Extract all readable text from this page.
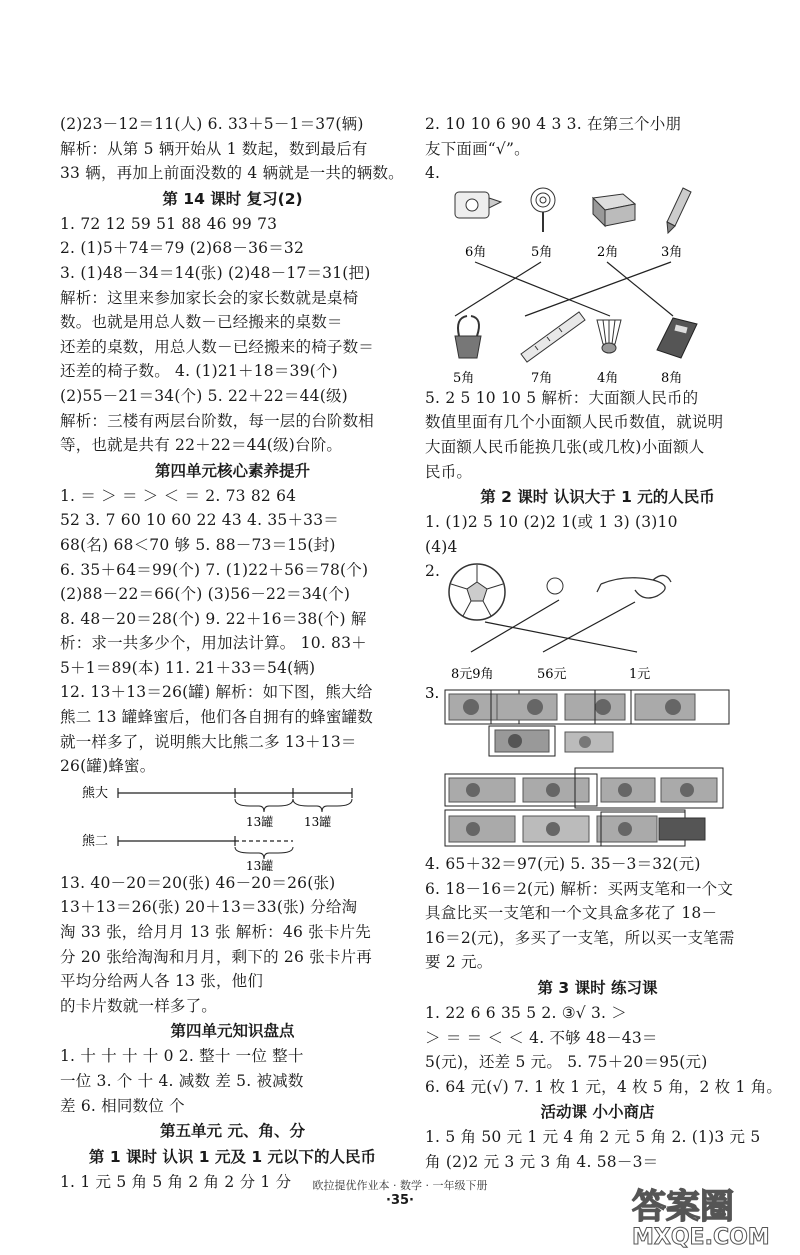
(2)23－12＝11(人) 6. 33＋5－1＝37(辆)
解析：从第 5 辆开始从 1 数起，数到最后有
33 辆，再加上前面没数的 4 辆就是一共的辆数。
第 14 课时 复习(2)
1. 72 12 59 51 88 46 99 73
2. (1)5＋74＝79 (2)68－36＝32
3. (1)48－34＝14(张) (2)48－17＝31(把)
解析：这里来参加家长会的家长数就是桌椅
数。也就是用总人数－已经搬来的桌数＝
还差的桌数，用总人数－已经搬来的椅子数＝
还差的椅子数。 4. (1)21＋18＝39(个)
(2)55－21＝34(个) 5. 22＋22＝44(级)
解析：三楼有两层台阶数，每一层的台阶数相
等，也就是共有 22＋22＝44(级)台阶。
第四单元核心素养提升
1. ＝ ＞ ＝ ＞ ＜ ＝ 2. 73 82 64
52 3. 7 60 10 60 22 43 4. 35＋33＝
68(名) 68＜70 够 5. 88－73＝15(封)
6. 35＋64＝99(个) 7. (1)22＋56＝78(个)
(2)88－22＝66(个) (3)56－22＝34(个)
8. 48－20＝28(个) 9. 22＋16＝38(个) 解
析：求一共多少个，用加法计算。 10. 83＋
5＋1＝89(本) 11. 21＋33＝54(辆)
12. 13＋13＝26(罐) 解析：如下图，熊大给
熊二 13 罐蜂蜜后，他们各自拥有的蜂蜜罐数
就一样多了，说明熊大比熊二多 13＋13＝
26(罐)蜂蜜。
熊大
13罐	13罐
熊二
13罐
13. 40－20＝20(张) 46－20＝26(张)
13＋13＝26(张) 20＋13＝33(张) 分给淘
淘 33 张，给月月 13 张 解析：46 张卡片先
分 20 张给淘淘和月月，剩下的 26 张卡片再
平均分给两人各 13 张，他们
的卡片数就一样多了。
第四单元知识盘点
1. 十 十 十 十 0 2. 整十 一位 整十
一位 3. 个 十 4. 减数 差 5. 被减数
差 6. 相同数位 个
第五单元 元、角、分
第 1 课时 认识 1 元及 1 元以下的人民币
1. 1 元 5 角 5 角 2 角 2 分 1 分
2. 10 10 6 90 4 3 3. 在第三个小朋
友下面画“√”。
4.
6角	5角	2角	3角
5角	7角	4角	8角
5. 2 5 10 10 5 解析：大面额人民币的
数值里面有几个小面额人民币数值，就说明
大面额人民币能换几张(或几枚)小面额人
民币。
第 2 课时 认识大于 1 元的人民币
1. (1)2 5 10 (2)2 1(或 1 3) (3)10
(4)4
2.
8元9角	56元	1元
3.
4. 65＋32＝97(元) 5. 35－3＝32(元)
6. 18－16＝2(元) 解析：买两支笔和一个文
具盒比买一支笔和一个文具盒多花了 18－
16＝2(元)，多买了一支笔，所以买一支笔需
要 2 元。
第 3 课时 练习课
1. 22 6 6 35 5 2. ③√ 3. ＞
＞ ＝ ＝ ＜ ＜ 4. 不够 48－43＝
5(元)，还差 5 元。 5. 75＋20＝95(元)
6. 64 元(√) 7. 1 枚 1 元，4 枚 5 角，2 枚 1 角。
活动课 小小商店
1. 5 角 50 元 1 元 4 角 2 元 5 角 2. (1)3 元 5
角 (2)2 元 3 元 3 角 4. 58－3＝
欧拉提优作业本 · 数学 · 一年级下册
·35·	答案圈
MXQE.COM
